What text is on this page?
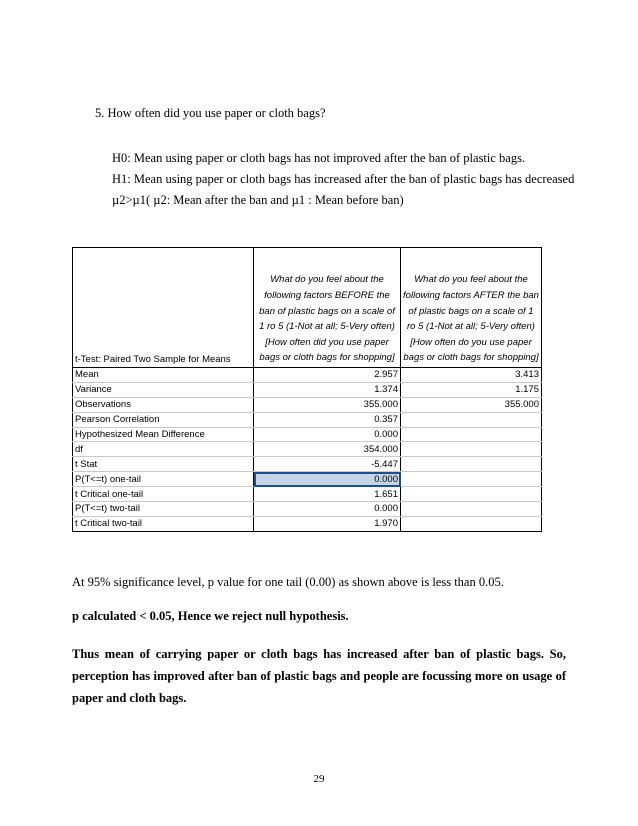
5. How often did you use paper or cloth bags?
H0: Mean using paper or cloth bags has not improved after the ban of plastic bags.
H1: Mean using paper or cloth bags has increased after the ban of plastic bags has decreased
µ2>µ1( µ2: Mean after the ban and µ1 : Mean before ban)
t-Test: Paired Two Sample for Means	What do you feel about the following factors BEFORE the ban of plastic bags on a scale of 1 ro 5 (1-Not at all; 5-Very often) [How often did you use paper bags or cloth bags for shopping]	What do you feel about the following factors AFTER the ban of plastic bags on a scale of 1 ro 5 (1-Not at all; 5-Very often) [How often do you use paper bags or cloth bags for shopping]
Mean	2.957	3.413
Variance	1.374	1.175
Observations	355.000	355.000
Pearson Correlation	0.357	
Hypothesized Mean Difference	0.000	
df	354.000	
t Stat	-5.447	
P(T<=t) one-tail	0.000	
t Critical one-tail	1.651	
P(T<=t) two-tail	0.000	
t Critical two-tail	1.970	
At 95% significance level, p value for one tail (0.00) as shown above is less than 0.05.
p calculated < 0.05, Hence we reject null hypothesis.
Thus mean of carrying paper or cloth bags has increased after ban of plastic bags. So, perception has improved after ban of plastic bags and people are focussing more on usage of paper and cloth bags.
29
